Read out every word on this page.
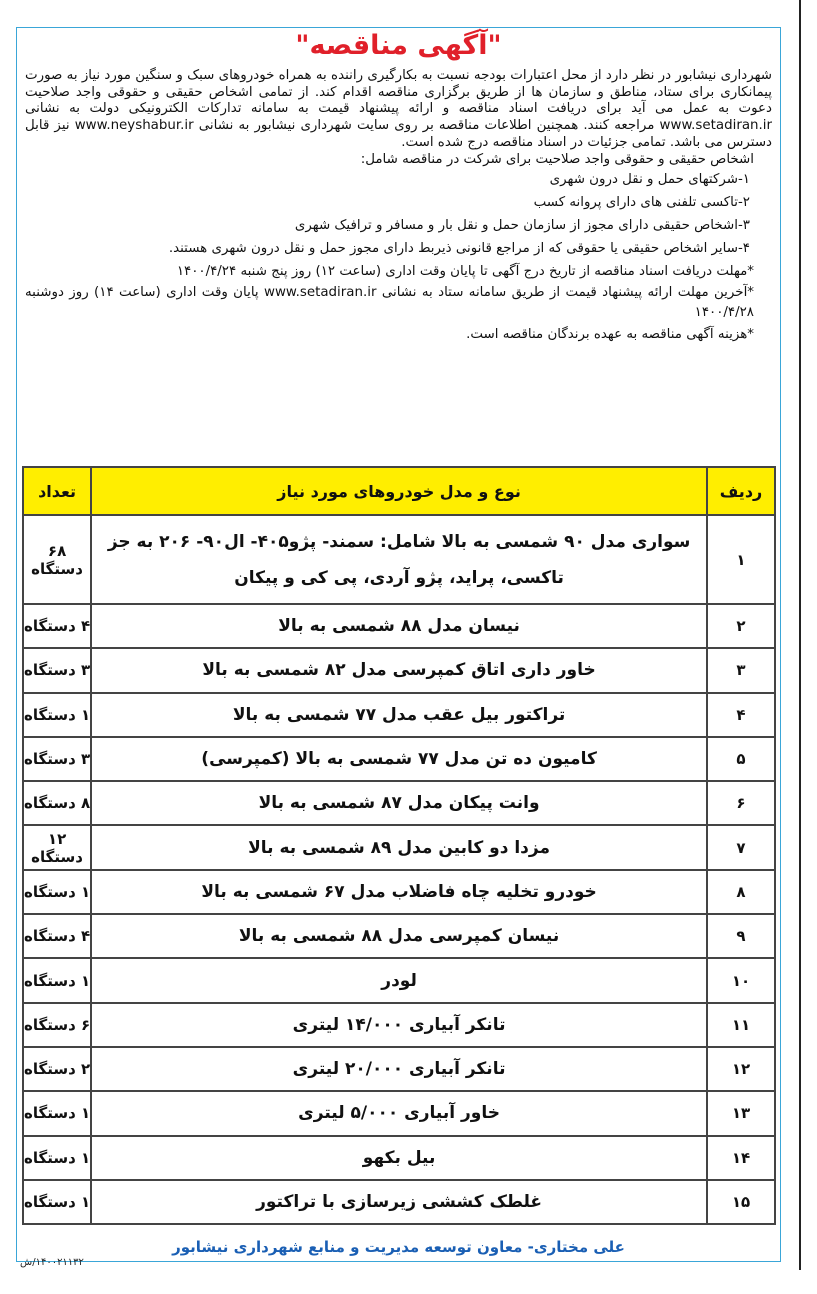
"آگهی مناقصه"

شهرداری نیشابور در نظر دارد از محل اعتبارات بودجه نسبت به بکارگیری راننده به همراه خودروهای سبک و سنگین مورد نیاز به صورت پیمانکاری برای ستاد، مناطق و سازمان ها از طریق برگزاری مناقصه اقدام کند. از تمامی اشخاص حقیقی و حقوقی واجد صلاحیت دعوت به عمل می آید برای دریافت اسناد مناقصه و ارائه پیشنهاد قیمت به سامانه تدارکات الکترونیکی دولت به نشانی www.setadiran.ir مراجعه کنند. همچنین اطلاعات مناقصه بر روی سایت شهرداری نیشابور به نشانی www.neyshabur.ir نیز قابل دسترس می باشد. تمامی جزئیات در اسناد مناقصه درج شده است.

اشخاص حقیقی و حقوقی واجد صلاحیت برای شرکت در مناقصه شامل:

۱-شرکتهای حمل و نقل درون شهری

۲-تاکسی تلفنی های دارای پروانه کسب

۳-اشخاص حقیقی دارای مجوز از سازمان حمل و نقل بار و مسافر و ترافیک شهری

۴-سایر اشخاص حقیقی یا حقوقی که از مراجع قانونی ذیربط دارای مجوز حمل و نقل درون شهری هستند.

*مهلت دریافت اسناد مناقصه از تاریخ درج آگهی تا پایان وقت اداری (ساعت ۱۲) روز پنج شنبه ۱۴۰۰/۴/۲۴

*آخرین مهلت ارائه پیشنهاد قیمت از طریق سامانه ستاد به نشانی www.setadiran.ir پایان وقت اداری (ساعت ۱۴) روز دوشنبه ۱۴۰۰/۴/۲۸

*هزینه آگهی مناقصه به عهده برندگان مناقصه است.

ردیف	نوع و مدل خودروهای مورد نیاز	تعداد
۱	سواری مدل ۹۰ شمسی به بالا شامل: سمند- پژو۴۰۵- ال۹۰- ۲۰۶ به جز تاکسی، پراید، پژو آردی، پی کی و پیکان	۶۸ دستگاه
۲	نیسان مدل ۸۸ شمسی به بالا	۴ دستگاه
۳	خاور داری اتاق کمپرسی مدل ۸۲ شمسی به بالا	۳ دستگاه
۴	تراکتور بیل عقب مدل ۷۷ شمسی به بالا	۱ دستگاه
۵	کامیون ده تن مدل ۷۷ شمسی به بالا (کمپرسی)	۳ دستگاه
۶	وانت پیکان مدل ۸۷ شمسی به بالا	۸ دستگاه
۷	مزدا دو کابین مدل ۸۹ شمسی به بالا	۱۲ دستگاه
۸	خودرو تخلیه چاه فاضلاب مدل ۶۷ شمسی به بالا	۱ دستگاه
۹	نیسان کمپرسی مدل ۸۸ شمسی به بالا	۴ دستگاه
۱۰	لودر	۱ دستگاه
۱۱	تانکر آبیاری ۱۴/۰۰۰ لیتری	۶ دستگاه
۱۲	تانکر آبیاری ۲۰/۰۰۰ لیتری	۲ دستگاه
۱۳	خاور آبیاری ۵/۰۰۰ لیتری	۱ دستگاه
۱۴	بیل بکهو	۱ دستگاه
۱۵	غلطک کششی زیرسازی با تراکتور	۱ دستگاه
علی مختاری- معاون توسعه مدیریت و منابع شهرداری نیشابور
۱۴۰۰۲۱۱۳۲/ش
